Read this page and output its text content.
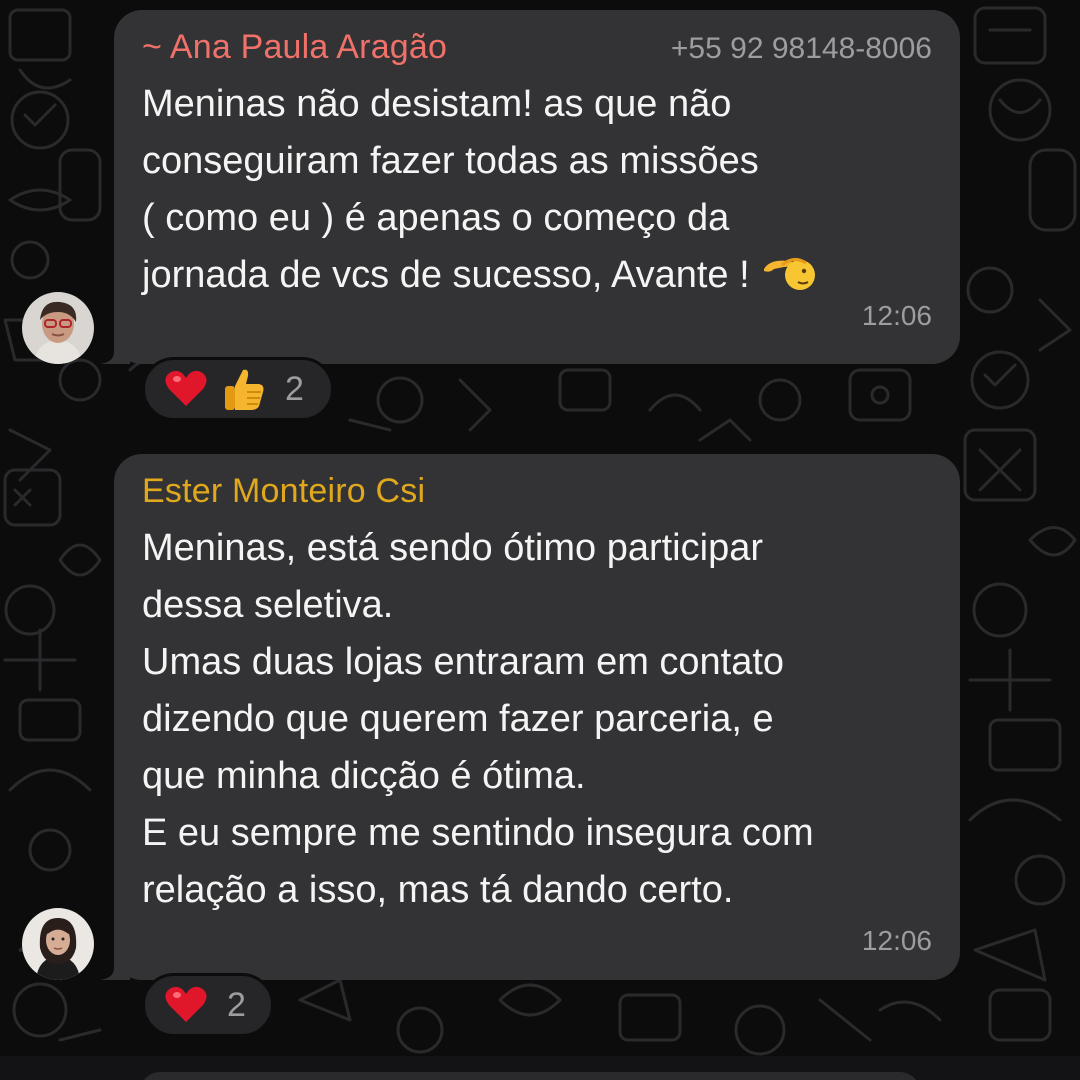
~ Ana Paula Aragão	+55 92 98148-8006
Meninas não desistam! as que não
conseguiram fazer todas as missões
( como eu ) é apenas o começo da
jornada de vcs de sucesso, Avante !
12:06
2
Ester Monteiro Csi
Meninas, está sendo ótimo participar
dessa seletiva.
Umas duas lojas entraram em contato
dizendo que querem fazer parceria, e
que minha dicção é ótima.
E eu sempre me sentindo insegura com
relação a isso, mas tá dando certo.
12:06
2
